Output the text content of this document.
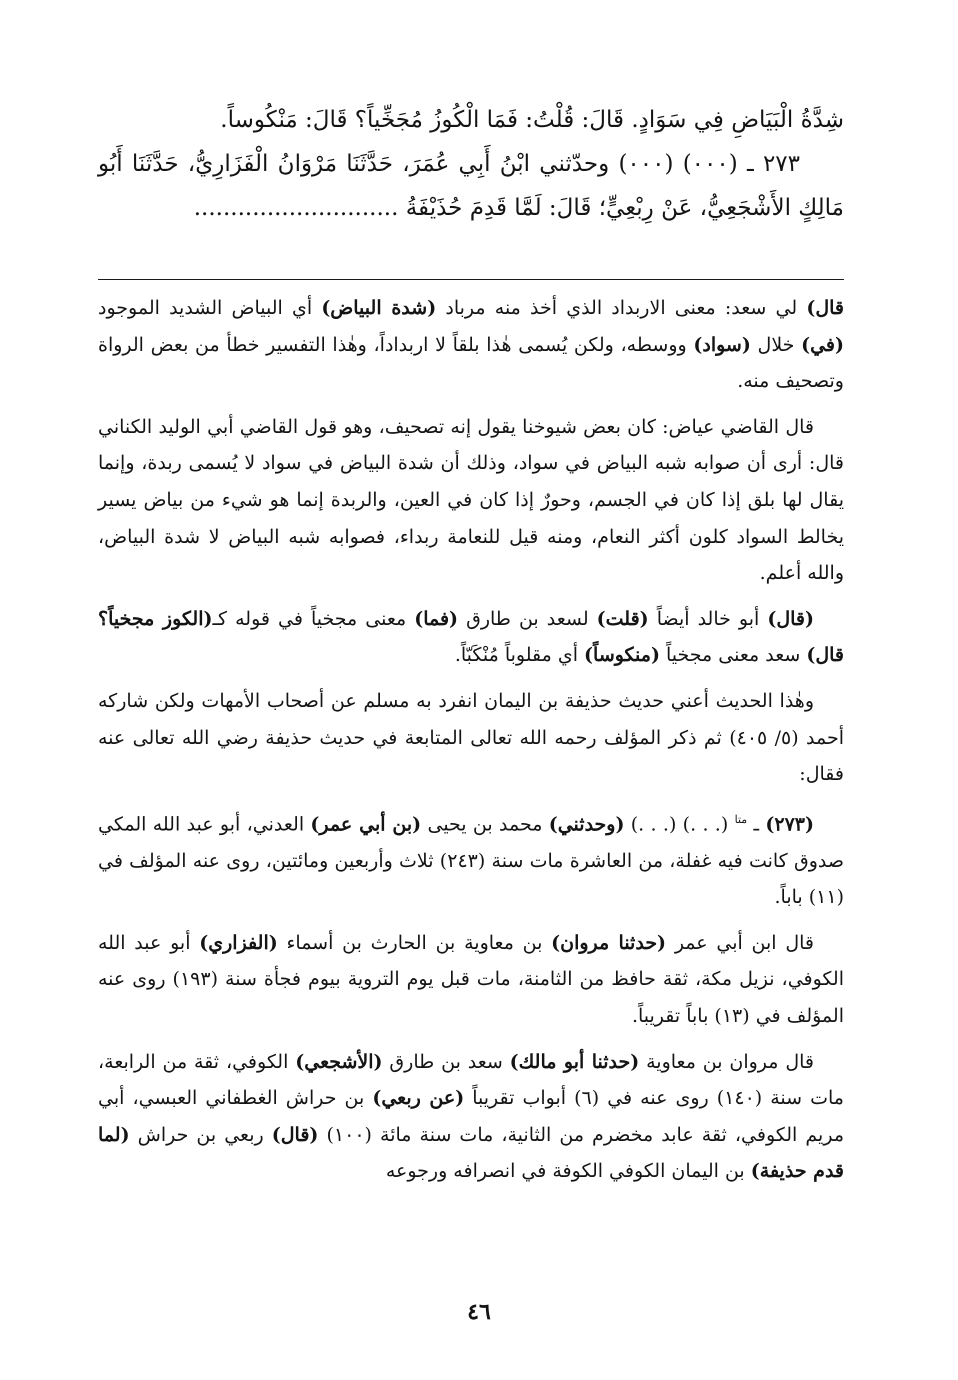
شِدَّةُ الْبَيَاضِ فِي سَوَادٍ. قَالَ: قُلْتُ: فَمَا الْكُوزُ مُجَخِّياً؟ قَالَ: مَنْكُوساً.

٢٧٣ ـ (٠٠٠) (٠٠٠) وحدّثني ابْنُ أَبِي عُمَرَ، حَدَّثَنَا مَرْوَانُ الْفَزَارِيُّ، حَدَّثَنَا أَبُو مَالِكٍ الأَشْجَعِيُّ، عَنْ رِبْعِيٍّ؛ قَالَ: لَمَّا قَدِمَ حُذَيْفَةُ ............................

قال) لي سعد: معنى الاربداد الذي أخذ منه مرباد (شدة البياض) أي البياض الشديد الموجود (في) خلال (سواد) ووسطه، ولكن يُسمى هٰذا بلقاً لا اربداداً، وهٰذا التفسير خطأ من بعض الرواة وتصحيف منه.

قال القاضي عياض: كان بعض شيوخنا يقول إنه تصحيف، وهو قول القاضي أبي الوليد الكناني قال: أرى أن صوابه شبه البياض في سواد، وذلك أن شدة البياض في سواد لا يُسمى ربدة، وإنما يقال لها بلق إذا كان في الجسم، وحورٌ إذا كان في العين، والربدة إنما هو شيء من بياض يسير يخالط السواد كلون أكثر النعام، ومنه قيل للنعامة ربداء، فصوابه شبه البياض لا شدة البياض، والله أعلم.

(قال) أبو خالد أيضاً (قلت) لسعد بن طارق (فما) معنى مجخياً في قوله كـ(الكوز مجخياً؟ قال) سعد معنى مجخياً (منكوساً) أي مقلوباً مُنْكَبّاً.

وهٰذا الحديث أعني حديث حذيفة بن اليمان انفرد به مسلم عن أصحاب الأمهات ولكن شاركه أحمد (٥/ ٤٠٥) ثم ذكر المؤلف رحمه الله تعالى المتابعة في حديث حذيفة رضي الله تعالى عنه فقال:

(٢٧٣) ـ $^{متا}$ (. . .) (. . .) (وحدثني) محمد بن يحيى (بن أبي عمر) العدني، أبو عبد الله المكي صدوق كانت فيه غفلة، من العاشرة مات سنة (٢٤٣) ثلاث وأربعين ومائتين، روى عنه المؤلف في (١١) باباً.

قال ابن أبي عمر (حدثنا مروان) بن معاوية بن الحارث بن أسماء (الفزاري) أبو عبد الله الكوفي، نزيل مكة، ثقة حافظ من الثامنة، مات قبل يوم التروية بيوم فجأة سنة (١٩٣) روى عنه المؤلف في (١٣) باباً تقريباً.

قال مروان بن معاوية (حدثنا أبو مالك) سعد بن طارق (الأشجعي) الكوفي، ثقة من الرابعة، مات سنة (١٤٠) روى عنه في (٦) أبواب تقريباً (عن ربعي) بن حراش الغطفاني العبسي، أبي مريم الكوفي، ثقة عابد مخضرم من الثانية، مات سنة مائة (١٠٠) (قال) ربعي بن حراش (لما قدم حذيفة) بن اليمان الكوفي الكوفة في انصرافه ورجوعه

٤٦
